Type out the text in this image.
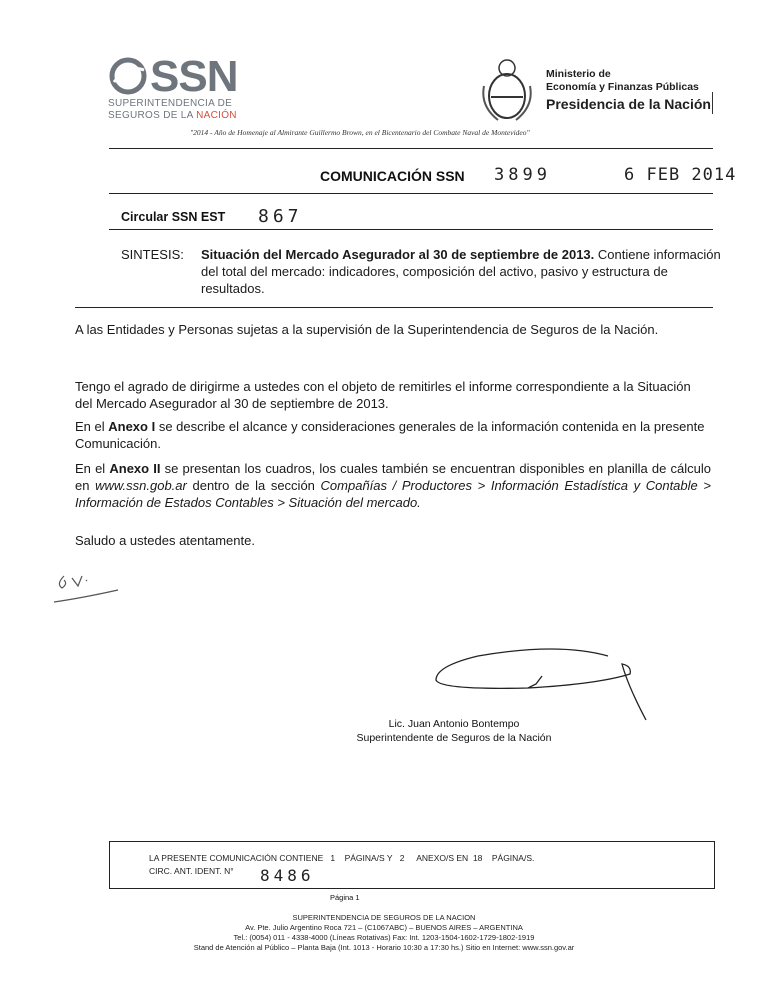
SSN
SUPERINTENDENCIA DE
SEGUROS DE LA NACIÓN
Ministerio de
Economía y Finanzas Públicas
Presidencia de la Nación
"2014 - Año de Homenaje al Almirante Guillermo Brown, en el Bicentenario del Combate Naval de Montevideo"
COMUNICACIÓN SSN 3899	6 FEB 2014
Circular SSN EST 867
SINTESIS: Situación del Mercado Asegurador al 30 de septiembre de 2013. Contiene información del total del mercado: indicadores, composición del activo, pasivo y estructura de resultados.
A las Entidades y Personas sujetas a la supervisión de la Superintendencia de Seguros de la Nación.

Tengo el agrado de dirigirme a ustedes con el objeto de remitirles el informe correspondiente a la Situación del Mercado Asegurador al 30 de septiembre de 2013.

En el Anexo I se describe el alcance y consideraciones generales de la información contenida en la presente Comunicación.

En el Anexo II se presentan los cuadros, los cuales también se encuentran disponibles en planilla de cálculo en www.ssn.gob.ar dentro de la sección Compañías / Productores > Información Estadística y Contable > Información de Estados Contables > Situación del mercado.

Saludo a ustedes atentamente.
Lic. Juan Antonio Bontempo
Superintendente de Seguros de la Nación
LA PRESENTE COMUNICACIÓN CONTIENE 1 PÁGINA/S Y 2 ANEXO/S EN 18 PÁGINA/S.
CIRC. ANT. IDENT. N° 8486
Página 1
SUPERINTENDENCIA DE SEGUROS DE LA NACION
Av. Pte. Julio Argentino Roca 721 – (C1067ABC) – BUENOS AIRES – ARGENTINA
Tel.: (0054) 011 - 4338-4000 (Líneas Rotativas) Fax: Int. 1203-1504-1602-1729-1802-1919
Stand de Atención al Público – Planta Baja (Int. 1013 - Horario 10:30 a 17:30 hs.) Sitio en Internet: www.ssn.gov.ar
